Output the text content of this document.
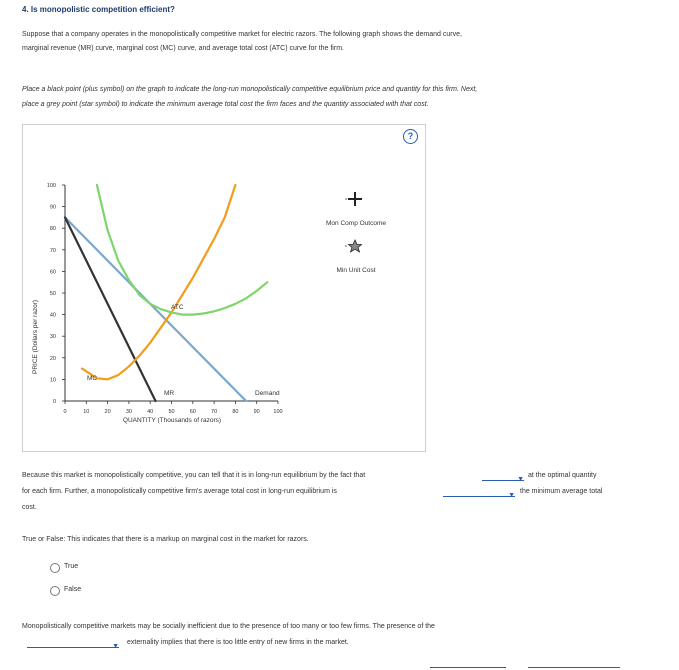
4. Is monopolistic competition efficient?
Suppose that a company operates in the monopolistically competitive market for electric razors. The following graph shows the demand curve,
marginal revenue (MR) curve, marginal cost (MC) curve, and average total cost (ATC) curve for the firm.
Place a black point (plus symbol) on the graph to indicate the long-run monopolistically competitive equilibrium price and quantity for this firm. Next,
place a grey point (star symbol) to indicate the minimum average total cost the firm faces and the quantity associated with that cost.
?
PRICE (Dollars per razor)
QUANTITY (Thousands of razors)
0
10
20
30
40
50
60
70
80
90
100
0	10	20	30	40	50	60	70	80	90 100
MC
ATC
MR	Demand
Mon Comp Outcome
Min Unit Cost
Because this market is monopolistically competitive, you can tell that it is in long-run equilibrium by the fact that
▼
at the optimal quantity
for each firm. Further, a monopolistically competitive firm's average total cost in long-run equilibrium is
▼
the minimum average total
cost.
True or False: This indicates that there is a markup on marginal cost in the market for razors.
True
False
Monopolistically competitive markets may be socially inefficient due to the presence of too many or too few firms. The presence of the
▼
externality implies that there is too little entry of new firms in the market.
